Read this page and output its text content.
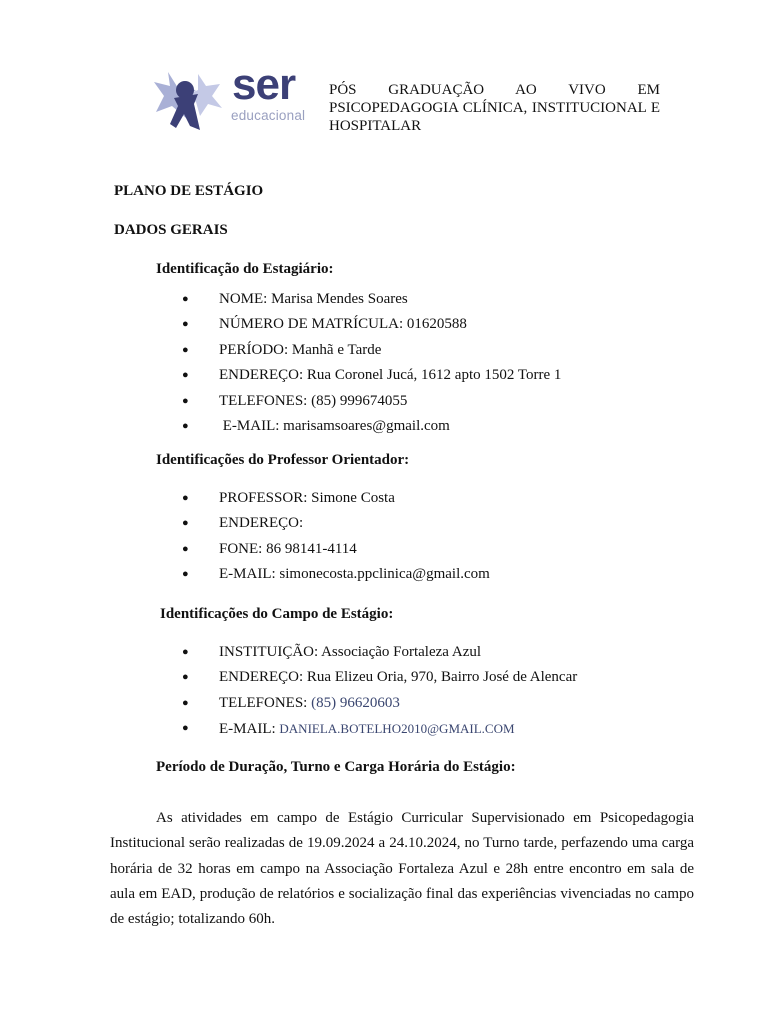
ser
educacional
PÓS GRADUAÇÃO AO VIVO EM PSICOPEDAGOGIA CLÍNICA, INSTITUCIONAL E HOSPITALAR
PLANO DE ESTÁGIO
DADOS GERAIS
Identificação do Estagiário:
● NOME: Marisa Mendes Soares
● NÚMERO DE MATRÍCULA: 01620588
● PERÍODO: Manhã e Tarde
● ENDEREÇO: Rua Coronel Jucá, 1612 apto 1502 Torre 1
● TELEFONES: (85) 999674055
● E-MAIL: marisamsoares@gmail.com
Identificações do Professor Orientador:
● PROFESSOR: Simone Costa
● ENDEREÇO:
● FONE: 86 98141-4114
● E-MAIL: simonecosta.ppclinica@gmail.com
Identificações do Campo de Estágio:
● INSTITUIÇÃO: Associação Fortaleza Azul
● ENDEREÇO: Rua Elizeu Oria, 970, Bairro José de Alencar
● TELEFONES: (85) 96620603
● E-MAIL: DANIELA.BOTELHO2010@GMAIL.COM
Período de Duração, Turno e Carga Horária do Estágio:
As atividades em campo de Estágio Curricular Supervisionado em Psicopedagogia Institucional serão realizadas de 19.09.2024 a 24.10.2024, no Turno tarde, perfazendo uma carga horária de 32 horas em campo na Associação Fortaleza Azul e 28h entre encontro em sala de aula em EAD, produção de relatórios e socialização final das experiências vivenciadas no campo de estágio; totalizando 60h.
